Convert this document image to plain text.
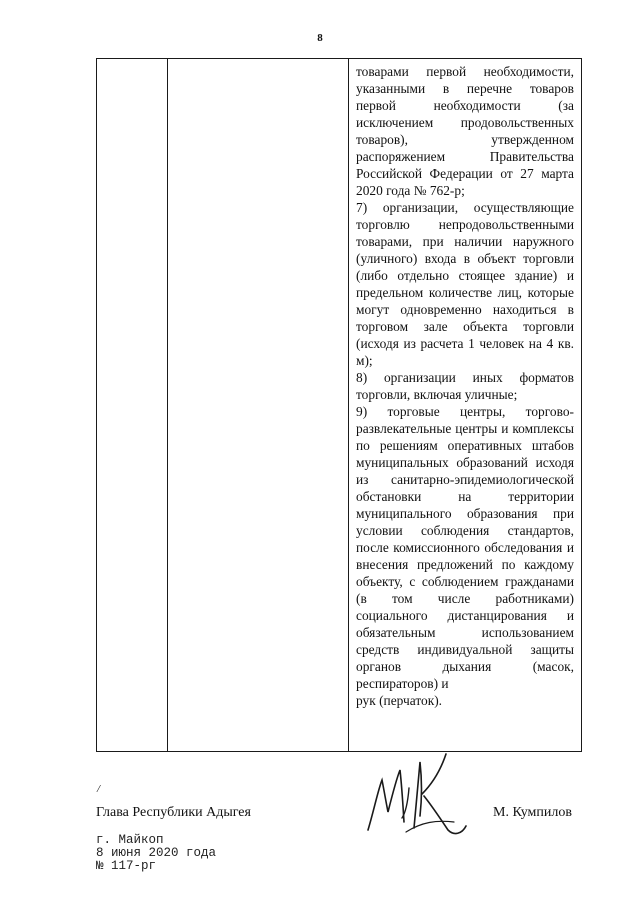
8

товарами первой необходимости, указанными в перечне товаров первой необходимости (за исключением продовольственных товаров), утвержденном распоряжением Правительства Российской Федерации от 27 марта 2020 года № 762-р;

7) организации, осуществляющие торговлю непродовольственными товарами, при наличии наружного (уличного) входа в объект торговли (либо отдельно стоящее здание) и предельном количестве лиц, которые могут одновременно находиться в торговом зале объекта торговли (исходя из расчета 1 человек на 4 кв. м);

8) организации иных форматов торговли, включая уличные;

9) торговые центры, торгово-развлекательные центры и комплексы по решениям оперативных штабов муниципальных образований исходя из санитарно-эпидемиологической обстановки на территории муниципального образования при условии соблюдения стандартов, после комиссионного обследования и внесения предложений по каждому объекту, с соблюдением гражданами (в том числе работниками) социального дистанцирования и обязательным использованием средств индивидуальной защиты органов дыхания (масок, респираторов) и

рук (перчаток).

/
Глава Республики Адыгея	М. Кумпилов
г. Майкоп
8 июня 2020 года
№ 117-рг
